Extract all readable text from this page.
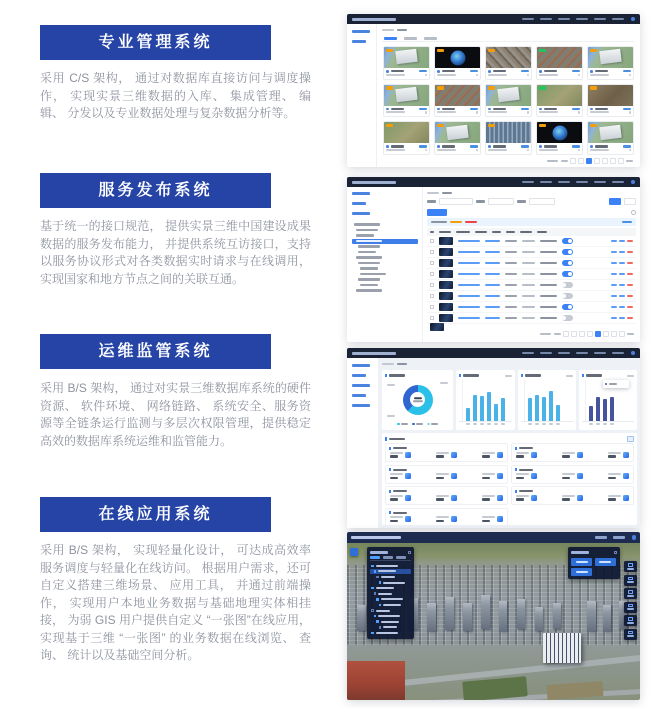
专业管理系统

采用 C/S 架构， 通过对数据库直接访问与调度操作， 实现实景三维数据的入库、 集成管理、 编辑、 分发以及专业数据处理与复杂数据分析等。

服务发布系统

基于统一的接口规范， 提供实景三维中国建设成果数据的服务发布能力， 并提供系统互访接口，支持以服务协议形式对各类数据实时请求与在线调用， 实现国家和地方节点之间的关联互通。

运维监管系统

采用 B/S 架构， 通过对实景三维数据库系统的硬件资源、 软件环境、 网络链路、 系统安全、服务资源等全链条运行监测与多层次权限管理，提供稳定高效的数据库系统运维和监管能力。

在线应用系统

采用 B/S 架构， 实现轻量化设计， 可达成高效率服务调度与轻量化在线访问。 根据用户需求，还可自定义搭建三维场景、 应用工具， 并通过前端操作， 实现用户本地业务数据与基础地理实体相挂接， 为弱 GIS 用户提供自定义 “一张图”在线应用， 实现基于三维 “一张图” 的业务数据在线浏览、 查询、 统计以及基础空间分析。
